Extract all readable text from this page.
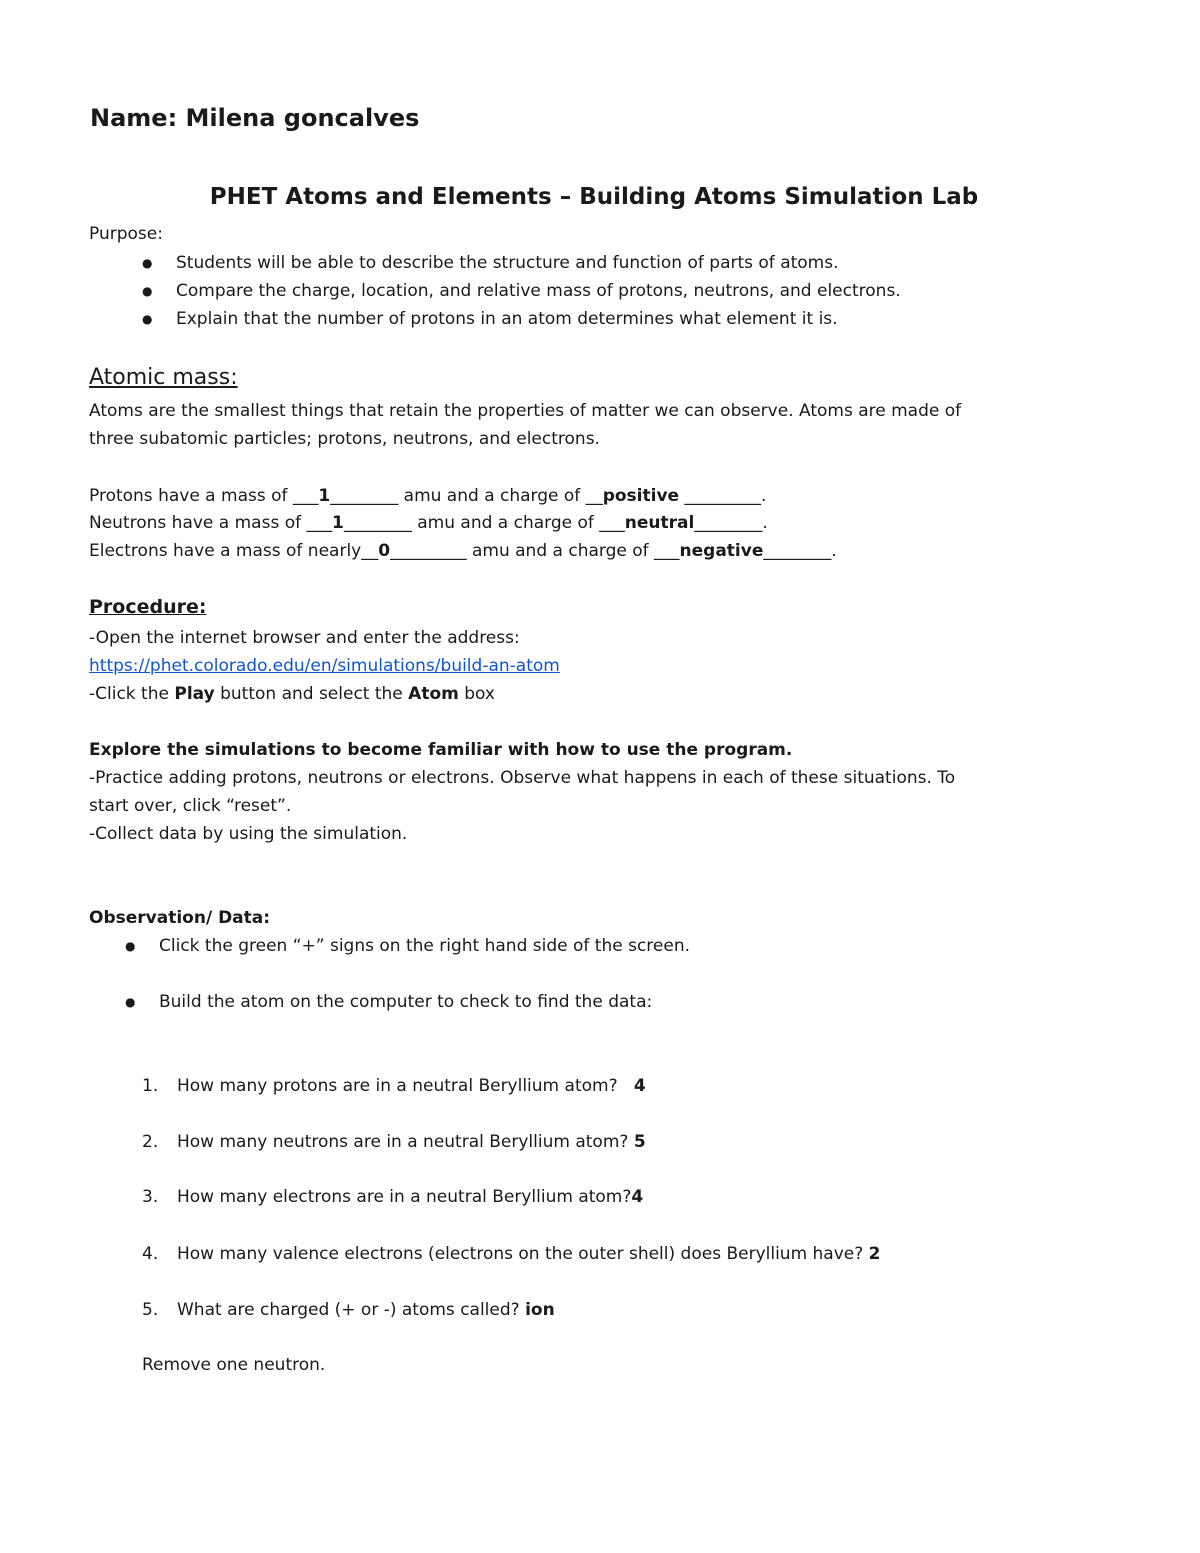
Name: Milena goncalves
PHET Atoms and Elements – Building Atoms Simulation Lab
Purpose:
● Students will be able to describe the structure and function of parts of atoms.
● Compare the charge, location, and relative mass of protons, neutrons, and electrons.
● Explain that the number of protons in an atom determines what element it is.
Atomic mass:
Atoms are the smallest things that retain the properties of matter we can observe. Atoms are made of
three subatomic particles; protons, neutrons, and electrons.
Protons have a mass of ___1________ amu and a charge of __positive _________.
Neutrons have a mass of ___1________ amu and a charge of ___neutral________.
Electrons have a mass of nearly__0_________ amu and a charge of ___negative________.
Procedure:
-Open the internet browser and enter the address:
https://phet.colorado.edu/en/simulations/build-an-atom
-Click the Play button and select the Atom box
Explore the simulations to become familiar with how to use the program.
-Practice adding protons, neutrons or electrons. Observe what happens in each of these situations. To
start over, click “reset”.
-Collect data by using the simulation.
Observation/ Data:
● Click the green “+” signs on the right hand side of the screen.
● Build the atom on the computer to check to find the data:
1. How many protons are in a neutral Beryllium atom?   4
2. How many neutrons are in a neutral Beryllium atom? 5
3. How many electrons are in a neutral Beryllium atom?4
4. How many valence electrons (electrons on the outer shell) does Beryllium have? 2
5. What are charged (+ or -) atoms called? ion
Remove one neutron.
